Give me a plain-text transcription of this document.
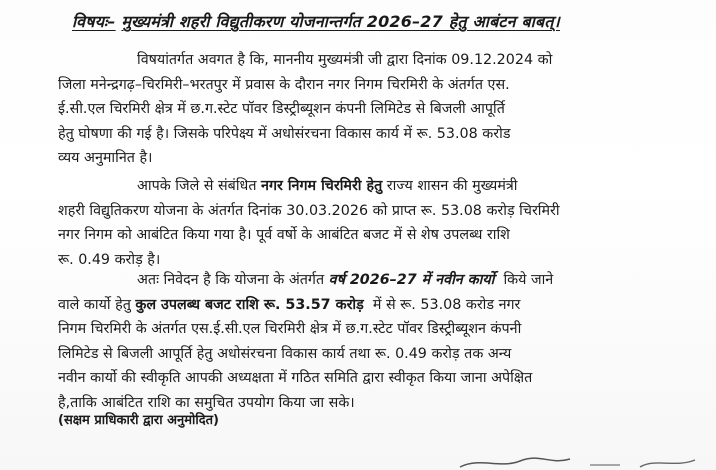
विषयः– मुख्यमंत्री शहरी विद्युतीकरण योजनान्तर्गत 2026–27 हेतु आबंटन बाबत्।
विषयांतर्गत अवगत है कि, माननीय मुख्यमंत्री जी द्वारा दिनांक 09.12.2024 को
जिला मनेन्द्रगढ़–चिरमिरी–भरतपुर में प्रवास के दौरान नगर निगम चिरमिरी के अंतर्गत एस.
ई.सी.एल चिरमिरी क्षेत्र में छ.ग.स्टेट पॉवर डिस्ट्रीब्यूशन कंपनी लिमिटेड से बिजली आपूर्ति
हेतु घोषणा की गई है। जिसके परिपेक्ष्य में अधोसंरचना विकास कार्य में रू. 53.08 करोड
व्यय अनुमानित है।
आपके जिले से संबंधित नगर निगम चिरमिरी हेतु राज्य शासन की मुख्यमंत्री
शहरी विद्युतिकरण योजना के अंतर्गत दिनांक 30.03.2026 को प्राप्त रू. 53.08 करोड़ चिरमिरी
नगर निगम को आबंटित किया गया है। पूर्व वर्षो के आबंटित बजट में से शेष उपलब्ध राशि
रू. 0.49 करोड़ है।
अतः निवेदन है कि योजना के अंतर्गत वर्ष 2026–27 में नवीन कार्यो  किये जाने
वाले कार्यो हेतु कुल उपलब्ध बजट राशि रू. 53.57 करोड़  में से रू. 53.08 करोड नगर
निगम चिरमिरी के अंतर्गत एस.ई.सी.एल चिरमिरी क्षेत्र में छ.ग.स्टेट पॉवर डिस्ट्रीब्यूशन कंपनी
लिमिटेड से बिजली आपूर्ति हेतु अधोसंरचना विकास कार्य तथा रू. 0.49 करोड़ तक अन्य
नवीन कार्यो की स्वीकृति आपकी अध्यक्षता में गठित समिति द्वारा स्वीकृत किया जाना अपेक्षित
है,ताकि आबंटित राशि का समुचित उपयोग किया जा सके।
(सक्षम प्राधिकारी द्वारा अनुमोदित)
